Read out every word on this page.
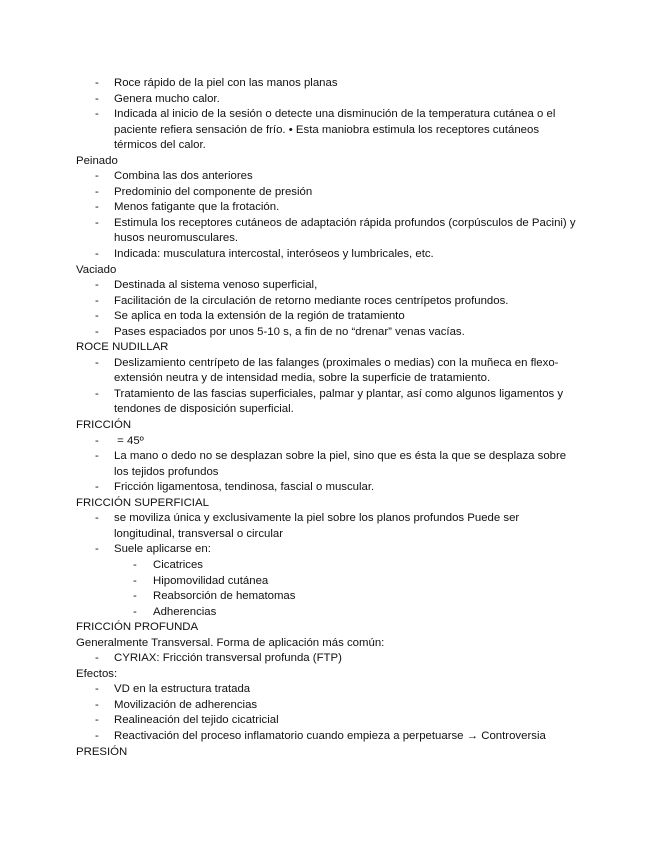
- Roce rápido de la piel con las manos planas
- Genera mucho calor.
- Indicada al inicio de la sesión o detecte una disminución de la temperatura cutánea o el paciente refiera sensación de frío. • Esta maniobra estimula los receptores cutáneos térmicos del calor.
Peinado
- Combina las dos anteriores
- Predominio del componente de presión
- Menos fatigante que la frotación.
- Estimula los receptores cutáneos de adaptación rápida profundos (corpúsculos de Pacini) y husos neuromusculares.
- Indicada: musculatura intercostal, interóseos y lumbricales, etc.
Vaciado
- Destinada al sistema venoso superficial,
- Facilitación de la circulación de retorno mediante roces centrípetos profundos.
- Se aplica en toda la extensión de la región de tratamiento
- Pases espaciados por unos 5-10 s, a fin de no “drenar” venas vacías.
ROCE NUDILLAR
- Deslizamiento centrípeto de las falanges (proximales o medias) con la muñeca en flexo-extensión neutra y de intensidad media, sobre la superficie de tratamiento.
- Tratamiento de las fascias superficiales, palmar y plantar, así como algunos ligamentos y tendones de disposición superficial.
FRICCIÓN
-  = 45º
- La mano o dedo no se desplazan sobre la piel, sino que es ésta la que se desplaza sobre los tejidos profundos
- Fricción ligamentosa, tendinosa, fascial o muscular.
FRICCIÓN SUPERFICIAL
- se moviliza única y exclusivamente la piel sobre los planos profundos Puede ser longitudinal, transversal o circular
- Suele aplicarse en:
- Cicatrices
- Hipomovilidad cutánea
- Reabsorción de hematomas
- Adherencias
FRICCIÓN PROFUNDA
Generalmente Transversal. Forma de aplicación más común:
- CYRIAX: Fricción transversal profunda (FTP)
Efectos:
- VD en la estructura tratada
- Movilización de adherencias
- Realineación del tejido cicatricial
- Reactivación del proceso inflamatorio cuando empieza a perpetuarse → Controversia
PRESIÓN
